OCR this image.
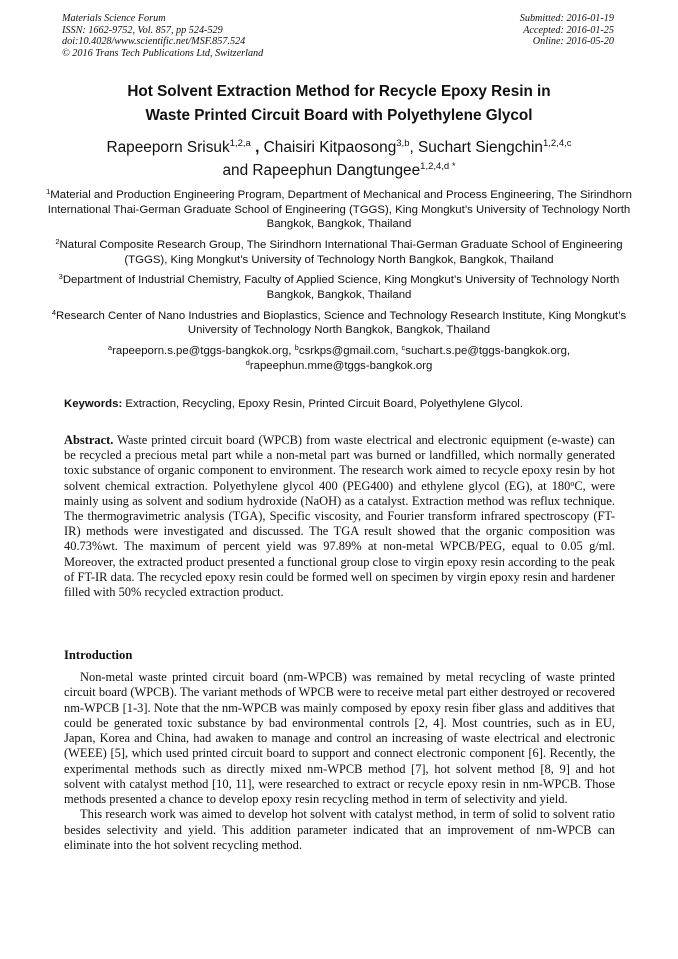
Materials Science Forum
ISSN: 1662-9752, Vol. 857, pp 524-529
doi:10.4028/www.scientific.net/MSF.857.524
© 2016 Trans Tech Publications Ltd, Switzerland
Submitted: 2016-01-19
Accepted: 2016-01-25
Online: 2016-05-20
Hot Solvent Extraction Method for Recycle Epoxy Resin in
Waste Printed Circuit Board with Polyethylene Glycol
Rapeeporn Srisuk$^{1,2,a}$ , Chaisiri Kitpaosong$^{3,b}$, Suchart Siengchin$^{1,2,4,c}$
and Rapeephun Dangtungee$^{1,2,4,d *}$
$^1$Material and Production Engineering Program, Department of Mechanical and Process Engineering, The Sirindhorn International Thai-German Graduate School of Engineering (TGGS), King Mongkut’s University of Technology North Bangkok, Bangkok, Thailand
$^2$Natural Composite Research Group, The Sirindhorn International Thai-German Graduate School of Engineering (TGGS), King Mongkut’s University of Technology North Bangkok, Bangkok, Thailand
$^3$Department of Industrial Chemistry, Faculty of Applied Science, King Mongkut’s University of Technology North Bangkok, Bangkok, Thailand
$^4$Research Center of Nano Industries and Bioplastics, Science and Technology Research Institute, King Mongkut’s University of Technology North Bangkok, Bangkok, Thailand
$^a$rapeeporn.s.pe@tggs-bangkok.org, $^b$csrkps@gmail.com, $^c$suchart.s.pe@tggs-bangkok.org,
$^d$rapeephun.mme@tggs-bangkok.org
Keywords: Extraction, Recycling, Epoxy Resin, Printed Circuit Board, Polyethylene Glycol.
Abstract. Waste printed circuit board (WPCB) from waste electrical and electronic equipment (e-waste) can be recycled a precious metal part while a non-metal part was burned or landfilled, which normally generated toxic substance of organic component to environment. The research work aimed to recycle epoxy resin by hot solvent chemical extraction. Polyethylene glycol 400 (PEG400) and ethylene glycol (EG), at 180$^o$C, were mainly using as solvent and sodium hydroxide (NaOH) as a catalyst. Extraction method was reflux technique. The thermogravimetric analysis (TGA), Specific viscosity, and Fourier transform infrared spectroscopy (FT-IR) methods were investigated and discussed. The TGA result showed that the organic composition was 40.73%wt. The maximum of percent yield was 97.89% at non-metal WPCB/PEG, equal to 0.05 g/ml. Moreover, the extracted product presented a functional group close to virgin epoxy resin according to the peak of FT-IR data. The recycled epoxy resin could be formed well on specimen by virgin epoxy resin and hardener filled with 50% recycled extraction product.
Introduction

Non-metal waste printed circuit board (nm-WPCB) was remained by metal recycling of waste printed circuit board (WPCB). The variant methods of WPCB were to receive metal part either destroyed or recovered nm-WPCB [1-3]. Note that the nm-WPCB was mainly composed by epoxy resin fiber glass and additives that could be generated toxic substance by bad environmental controls [2, 4]. Most countries, such as in EU, Japan, Korea and China, had awaken to manage and control an increasing of waste electrical and electronic (WEEE) [5], which used printed circuit board to support and connect electronic component [6]. Recently, the experimental methods such as directly mixed nm-WPCB method [7], hot solvent method [8, 9] and hot solvent with catalyst method [10, 11], were researched to extract or recycle epoxy resin in nm-WPCB. Those methods presented a chance to develop epoxy resin recycling method in term of selectivity and yield.

This research work was aimed to develop hot solvent with catalyst method, in term of solid to solvent ratio besides selectivity and yield. This addition parameter indicated that an improvement of nm-WPCB can eliminate into the hot solvent recycling method.
